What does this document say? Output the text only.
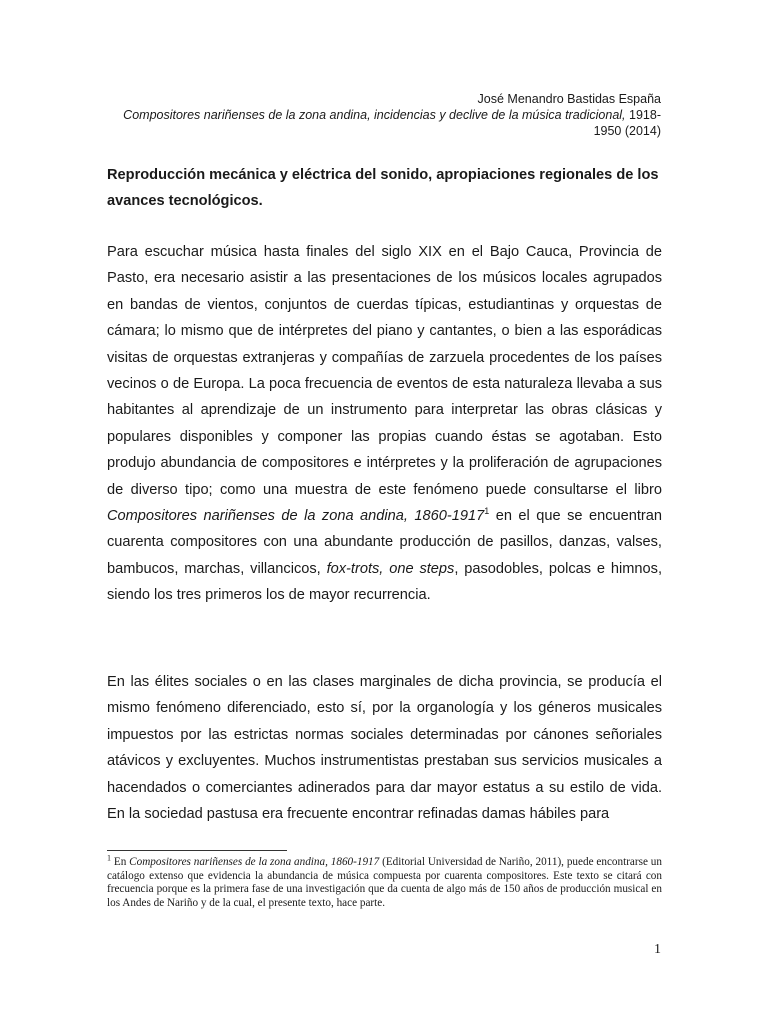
José Menandro Bastidas España
Compositores nariñenses de la zona andina, incidencias y declive de la música tradicional, 1918-1950 (2014)
Reproducción mecánica y eléctrica del sonido, apropiaciones regionales de los avances tecnológicos.

Para escuchar música hasta finales del siglo XIX en el Bajo Cauca, Provincia de Pasto, era necesario asistir a las presentaciones de los músicos locales agrupados en bandas de vientos, conjuntos de cuerdas típicas, estudiantinas y orquestas de cámara; lo mismo que de intérpretes del piano y cantantes, o bien a las esporádicas visitas de orquestas extranjeras y compañías de zarzuela procedentes de los países vecinos o de Europa. La poca frecuencia de eventos de esta naturaleza llevaba a sus habitantes al aprendizaje de un instrumento para interpretar las obras clásicas y populares disponibles y componer las propias cuando éstas se agotaban. Esto produjo abundancia de compositores e intérpretes y la proliferación de agrupaciones de diverso tipo; como una muestra de este fenómeno puede consultarse el libro Compositores nariñenses de la zona andina, 1860-1917$^1$ en el que se encuentran cuarenta compositores con una abundante producción de pasillos, danzas, valses, bambucos, marchas, villancicos, fox-trots, one steps, pasodobles, polcas e himnos, siendo los tres primeros los de mayor recurrencia.

En las élites sociales o en las clases marginales de dicha provincia, se producía el mismo fenómeno diferenciado, esto sí, por la organología y los géneros musicales impuestos por las estrictas normas sociales determinadas por cánones señoriales atávicos y excluyentes. Muchos instrumentistas prestaban sus servicios musicales a hacendados o comerciantes adinerados para dar mayor estatus a su estilo de vida. En la sociedad pastusa era frecuente encontrar refinadas damas hábiles para

$^1$ En Compositores nariñenses de la zona andina, 1860-1917 (Editorial Universidad de Nariño, 2011), puede encontrarse un catálogo extenso que evidencia la abundancia de música compuesta por cuarenta compositores. Este texto se citará con frecuencia porque es la primera fase de una investigación que da cuenta de algo más de 150 años de producción musical en los Andes de Nariño y de la cual, el presente texto, hace parte.
1
